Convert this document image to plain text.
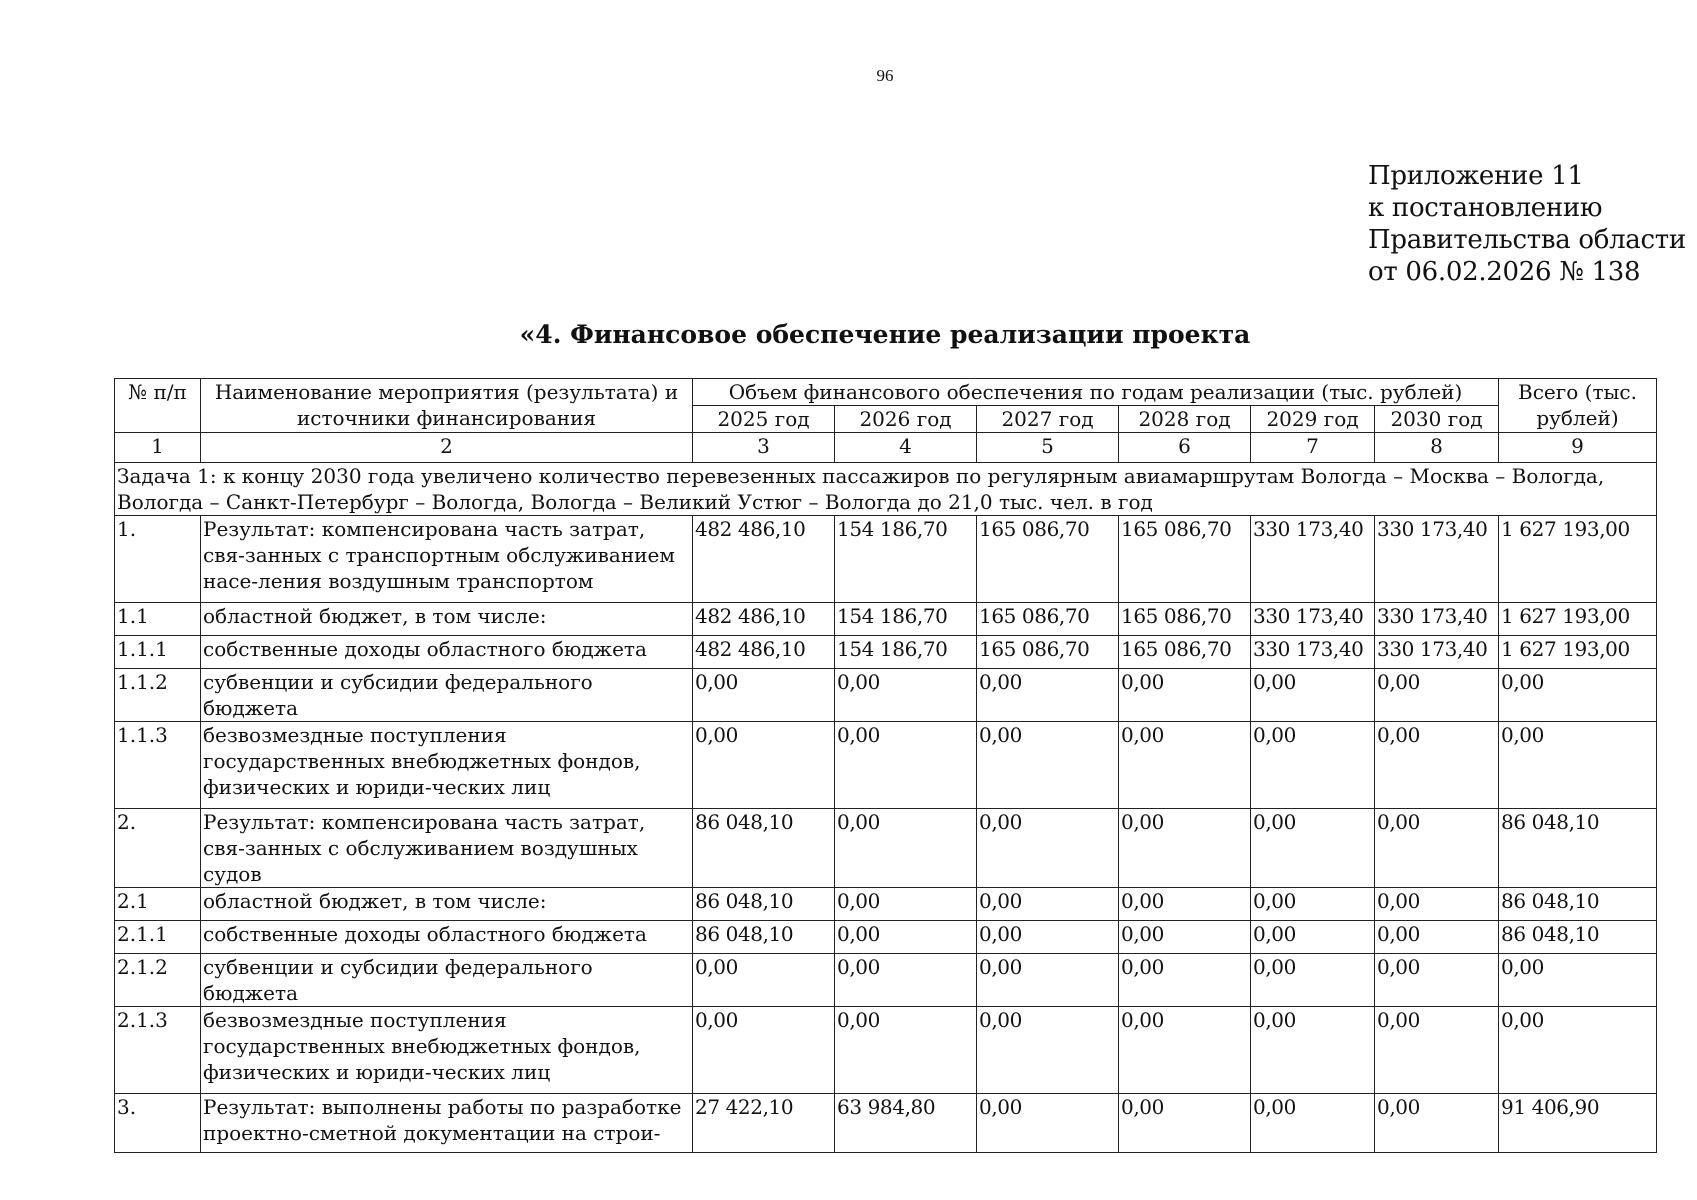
96
Приложение 11
к постановлению
Правительства области
от 06.02.2026 № 138
«4. Финансовое обеспечение реализации проекта
№ п/п	Наименование мероприятия (результата) и источники финансирования	Объем финансового обеспечения по годам реализации (тыс. рублей)						Всего (тыс. рублей)
		2025 год	2026 год	2027 год	2028 год	2029 год	2030 год	
1	2	3	4	5	6	7	8	9
Задача 1: к концу 2030 года увеличено количество перевезенных пассажиров по регулярным авиамаршрутам Вологда – Москва – Вологда, Вологда – Санкт-Петербург – Вологда, Вологда – Великий Устюг – Вологда до 21,0 тыс. чел. в год								
1.	Результат: компенсирована часть затрат, свя-занных с транспортным обслуживанием насе-ления воздушным транспортом	482 486,10	154 186,70	165 086,70	165 086,70	330 173,40	330 173,40	1 627 193,00
1.1	областной бюджет, в том числе:	482 486,10	154 186,70	165 086,70	165 086,70	330 173,40	330 173,40	1 627 193,00
1.1.1	собственные доходы областного бюджета	482 486,10	154 186,70	165 086,70	165 086,70	330 173,40	330 173,40	1 627 193,00
1.1.2	субвенции и субсидии федерального бюджета	0,00	0,00	0,00	0,00	0,00	0,00	0,00
1.1.3	безвозмездные поступления государственных внебюджетных фондов, физических и юриди-ческих лиц	0,00	0,00	0,00	0,00	0,00	0,00	0,00
2.	Результат: компенсирована часть затрат, свя-занных с обслуживанием воздушных судов	86 048,10	0,00	0,00	0,00	0,00	0,00	86 048,10
2.1	областной бюджет, в том числе:	86 048,10	0,00	0,00	0,00	0,00	0,00	86 048,10
2.1.1	собственные доходы областного бюджета	86 048,10	0,00	0,00	0,00	0,00	0,00	86 048,10
2.1.2	субвенции и субсидии федерального бюджета	0,00	0,00	0,00	0,00	0,00	0,00	0,00
2.1.3	безвозмездные поступления государственных внебюджетных фондов, физических и юриди-ческих лиц	0,00	0,00	0,00	0,00	0,00	0,00	0,00
3.	Результат: выполнены работы по разработке проектно-сметной документации на строи-	27 422,10	63 984,80	0,00	0,00	0,00	0,00	91 406,90
